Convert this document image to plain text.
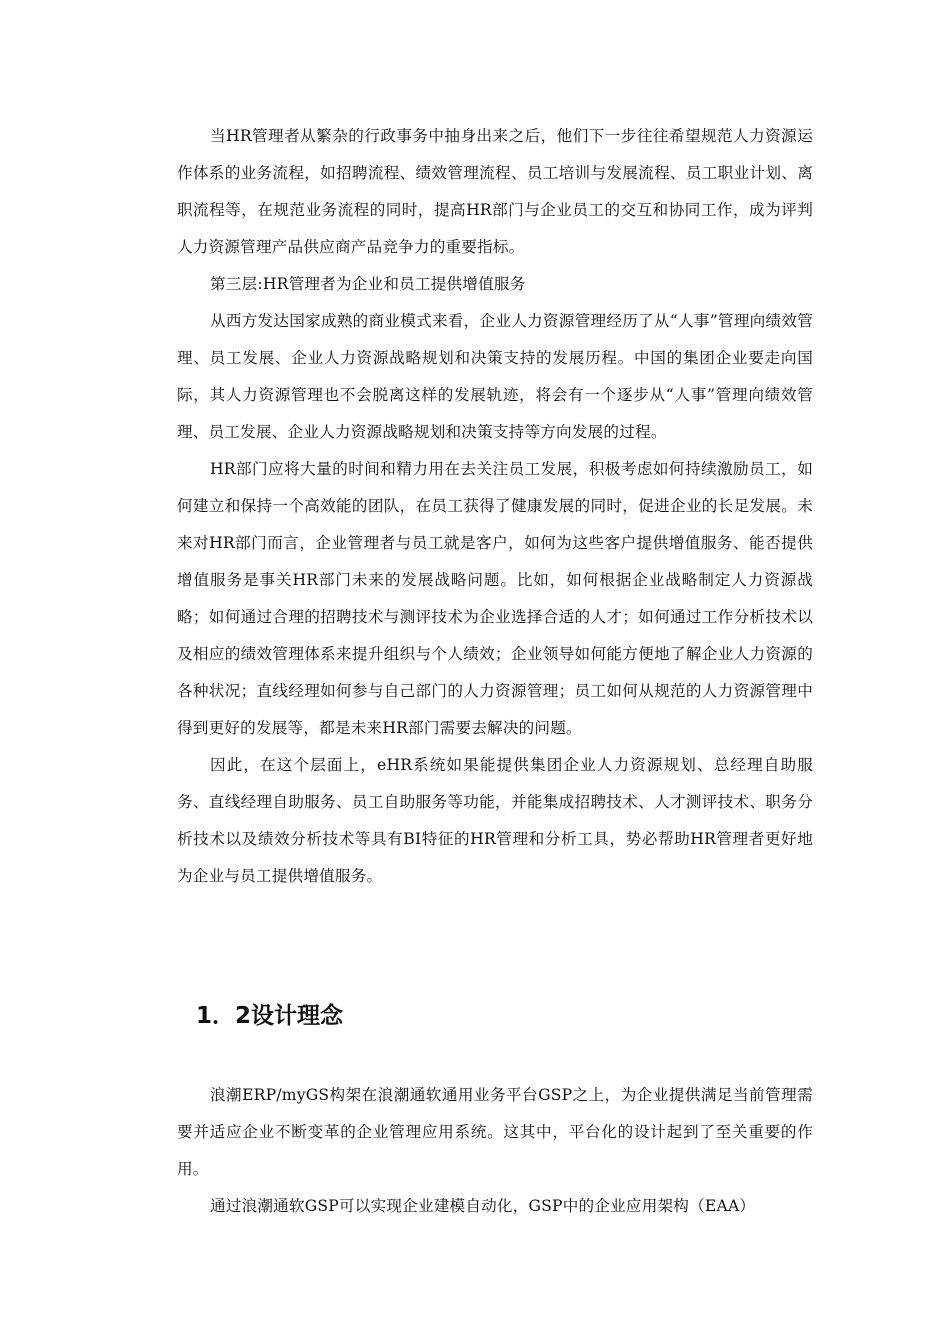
当HR管理者从繁杂的行政事务中抽身出来之后，他们下一步往往希望规范人力资源运作体系的业务流程，如招聘流程、绩效管理流程、员工培训与发展流程、员工职业计划、离职流程等，在规范业务流程的同时，提高HR部门与企业员工的交互和协同工作，成为评判人力资源管理产品供应商产品竞争力的重要指标。

第三层:HR管理者为企业和员工提供增值服务

从西方发达国家成熟的商业模式来看，企业人力资源管理经历了从“人事”管理向绩效管理、员工发展、企业人力资源战略规划和决策支持的发展历程。中国的集团企业要走向国际，其人力资源管理也不会脱离这样的发展轨迹，将会有一个逐步从“人事”管理向绩效管理、员工发展、企业人力资源战略规划和决策支持等方向发展的过程。

HR部门应将大量的时间和精力用在去关注员工发展，积极考虑如何持续激励员工，如何建立和保持一个高效能的团队，在员工获得了健康发展的同时，促进企业的长足发展。未来对HR部门而言，企业管理者与员工就是客户，如何为这些客户提供增值服务、能否提供增值服务是事关HR部门未来的发展战略问题。比如，如何根据企业战略制定人力资源战略；如何通过合理的招聘技术与测评技术为企业选择合适的人才；如何通过工作分析技术以及相应的绩效管理体系来提升组织与个人绩效；企业领导如何能方便地了解企业人力资源的各种状况；直线经理如何参与自己部门的人力资源管理；员工如何从规范的人力资源管理中得到更好的发展等，都是未来HR部门需要去解决的问题。

因此，在这个层面上，eHR系统如果能提供集团企业人力资源规划、总经理自助服务、直线经理自助服务、员工自助服务等功能，并能集成招聘技术、人才测评技术、职务分析技术以及绩效分析技术等具有BI特征的HR管理和分析工具，势必帮助HR管理者更好地为企业与员工提供增值服务。

1．2设计理念

浪潮ERP/myGS构架在浪潮通软通用业务平台GSP之上，为企业提供满足当前管理需要并适应企业不断变革的企业管理应用系统。这其中，平台化的设计起到了至关重要的作用。

通过浪潮通软GSP可以实现企业建模自动化，GSP中的企业应用架构（EAA）
